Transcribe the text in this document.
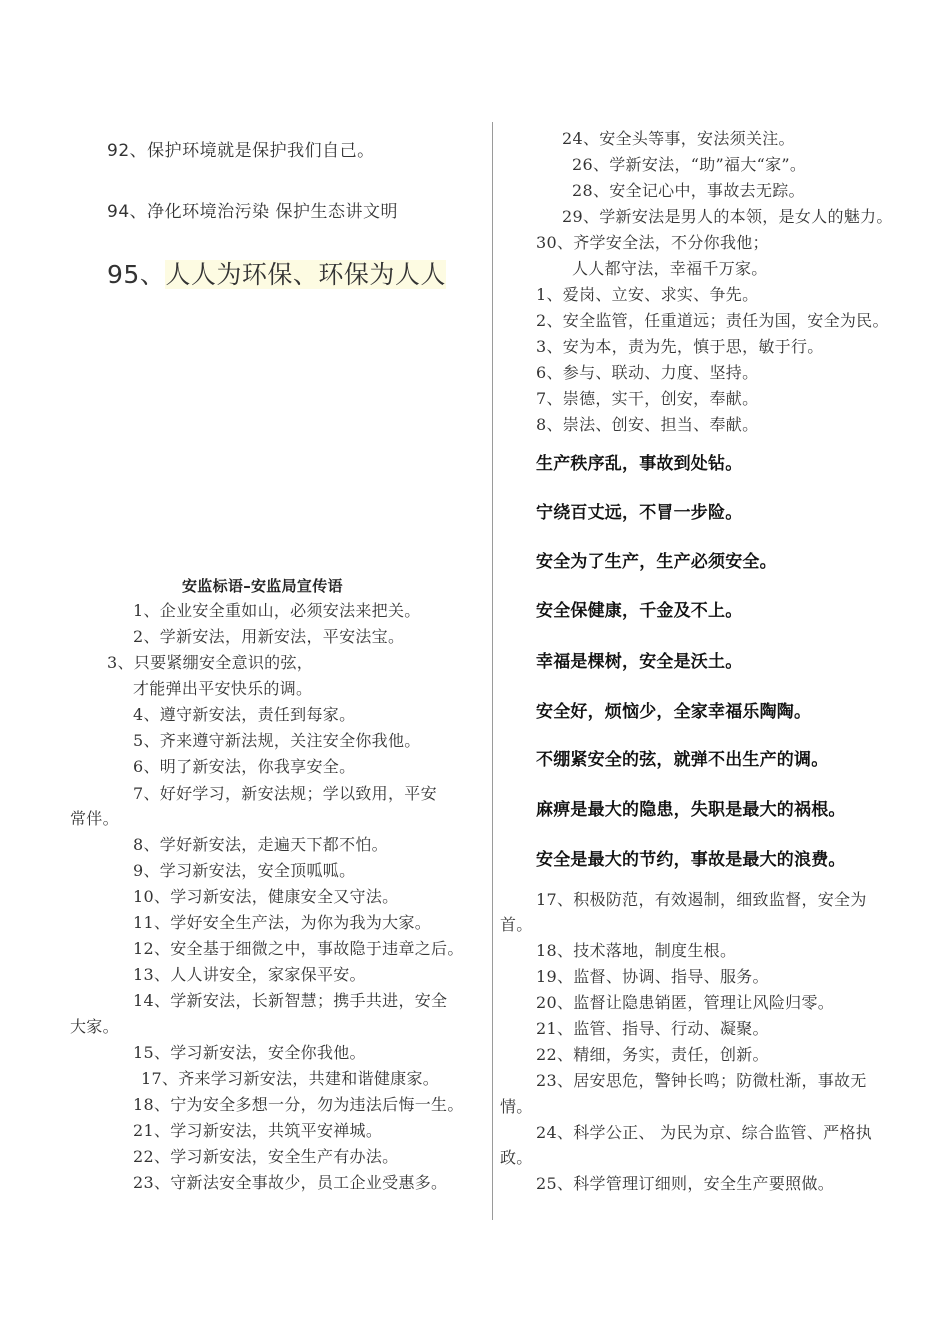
92、保护环境就是保护我们自己。
94、净化环境治污染 保护生态讲文明
95、人人为环保、环保为人人
安监标语–安监局宣传语
1、企业安全重如山，必须安法来把关。
2、学新安法，用新安法，平安法宝。
3、只要紧绷安全意识的弦，
才能弹出平安快乐的调。
4、遵守新安法，责任到每家。
5、齐来遵守新法规，关注安全你我他。
6、明了新安法，你我享安全。
7、好好学习，新安法规；学以致用，平安
常伴。
8、学好新安法，走遍天下都不怕。
9、学习新安法，安全顶呱呱。
10、学习新安法，健康安全又守法。
11、学好安全生产法，为你为我为大家。
12、安全基于细微之中，事故隐于违章之后。
13、人人讲安全，家家保平安。
14、学新安法，长新智慧；携手共进，安全
大家。
15、学习新安法，安全你我他。
17、齐来学习新安法，共建和谐健康家。
18、宁为安全多想一分，勿为违法后悔一生。
21、学习新安法，共筑平安禅城。
22、学习新安法，安全生产有办法。
23、守新法安全事故少，员工企业受惠多。
24、安全头等事，安法须关注。
26、学新安法，“助”福大“家”。
28、安全记心中，事故去无踪。
29、学新安法是男人的本领，是女人的魅力。
30、齐学安全法，不分你我他；
人人都守法，幸福千万家。
1、爱岗、立安、求实、争先。
2、安全监管，任重道远；责任为国，安全为民。
3、安为本，责为先，慎于思，敏于行。
6、参与、联动、力度、坚持。
7、崇德，实干，创安，奉献。
8、崇法、创安、担当、奉献。
生产秩序乱，事故到处钻。
宁绕百丈远，不冒一步险。
安全为了生产，生产必须安全。
安全保健康，千金及不上。
幸福是棵树，安全是沃土。
安全好，烦恼少，全家幸福乐陶陶。
不绷紧安全的弦，就弹不出生产的调。
麻痹是最大的隐患，失职是最大的祸根。
安全是最大的节约，事故是最大的浪费。
17、积极防范，有效遏制，细致监督，安全为
首。
18、技术落地，制度生根。
19、监督、协调、指导、服务。
20、监督让隐患销匿，管理让风险归零。
21、监管、指导、行动、凝聚。
22、精细，务实，责任，创新。
23、居安思危，警钟长鸣；防微杜渐，事故无
情。
24、科学公正、 为民为京、综合监管、严格执
政。
25、科学管理订细则，安全生产要照做。
